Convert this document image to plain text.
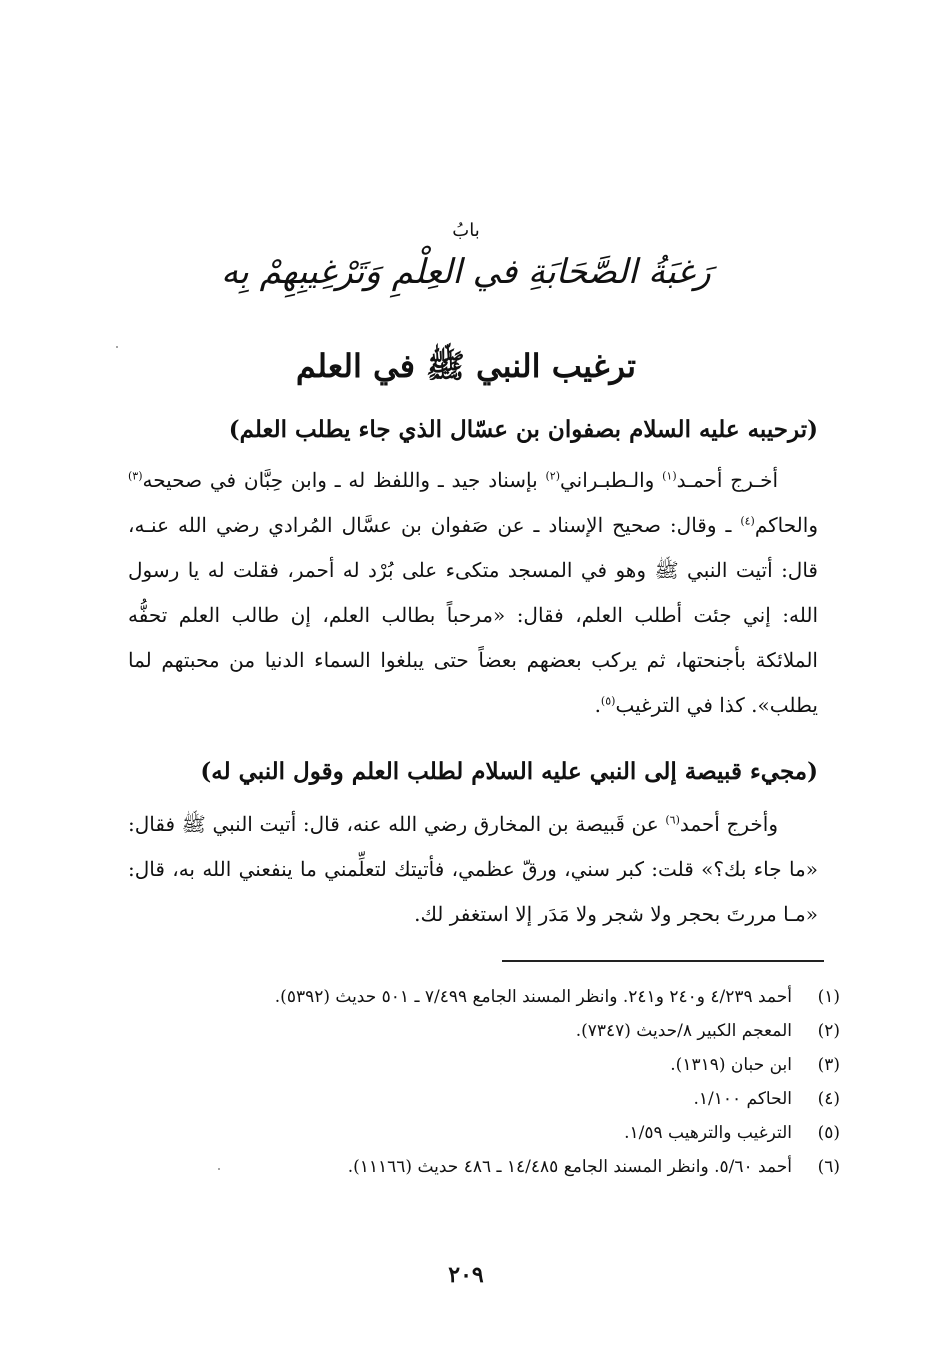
بابُ
رَغبَةُ الصَّحَابَةِ في العِلْمِ وَتَرْغِيبِهِمْ بِه
ترغيب النبي ﷺ في العلم
(ترحيبه عليه السلام بصفوان بن عسّال الذي جاء يطلب العلم)

أخـرج أحمـد$^{(١)}$ والـطبـراني$^{(٢)}$ بإسناد جيد ـ واللفظ له ـ وابن حِبَّان في صحيحه$^{(٣)}$ والحاكم$^{(٤)}$ ـ وقال: صحيح الإسناد ـ عن صَفوان بن عسَّال المُرادي رضي الله عنـه، قال: أتيت النبي ﷺ وهو في المسجد متكىء على بُرْد له أحمر، فقلت له يا رسول الله: إني جئت أطلب العلم، فقال: «مرحباً بطالب العلم، إن طالب العلم تحفُّه الملائكة بأجنحتها، ثم يركب بعضهم بعضاً حتى يبلغوا السماء الدنيا من محبتهم لما يطلب». كذا في الترغيب$^{(٥)}$.

(مجيء قبيصة إلى النبي عليه السلام لطلب العلم وقول النبي له)

وأخرج أحمد$^{(٦)}$ عن قَبيصة بن المخارق رضي الله عنه، قال: أتيت النبي ﷺ فقال: «ما جاء بك؟» قلت: كبر سني، ورقّ عظمي، فأتيتك لتعلِّمني ما ينفعني الله به، قال: «مـا مررتَ بحجر ولا شجر ولا مَدَر إلا استغفر لك.

(١)
أحمد ٤/٢٣٩ و٢٤٠ و٢٤١. وانظر المسند الجامع ٧/٤٩٩ ـ ٥٠١ حديث (٥٣٩٢).
(٢)
المعجم الكبير ٨/حديث (٧٣٤٧).
(٣)
ابن حبان (١٣١٩).
(٤)
الحاكم ١/١٠٠.
(٥)
الترغيب والترهيب ١/٥٩.
(٦)
أحمد ٥/٦٠. وانظر المسند الجامع ١٤/٤٨٥ ـ ٤٨٦ حديث (١١١٦٦).
٢٠٩
